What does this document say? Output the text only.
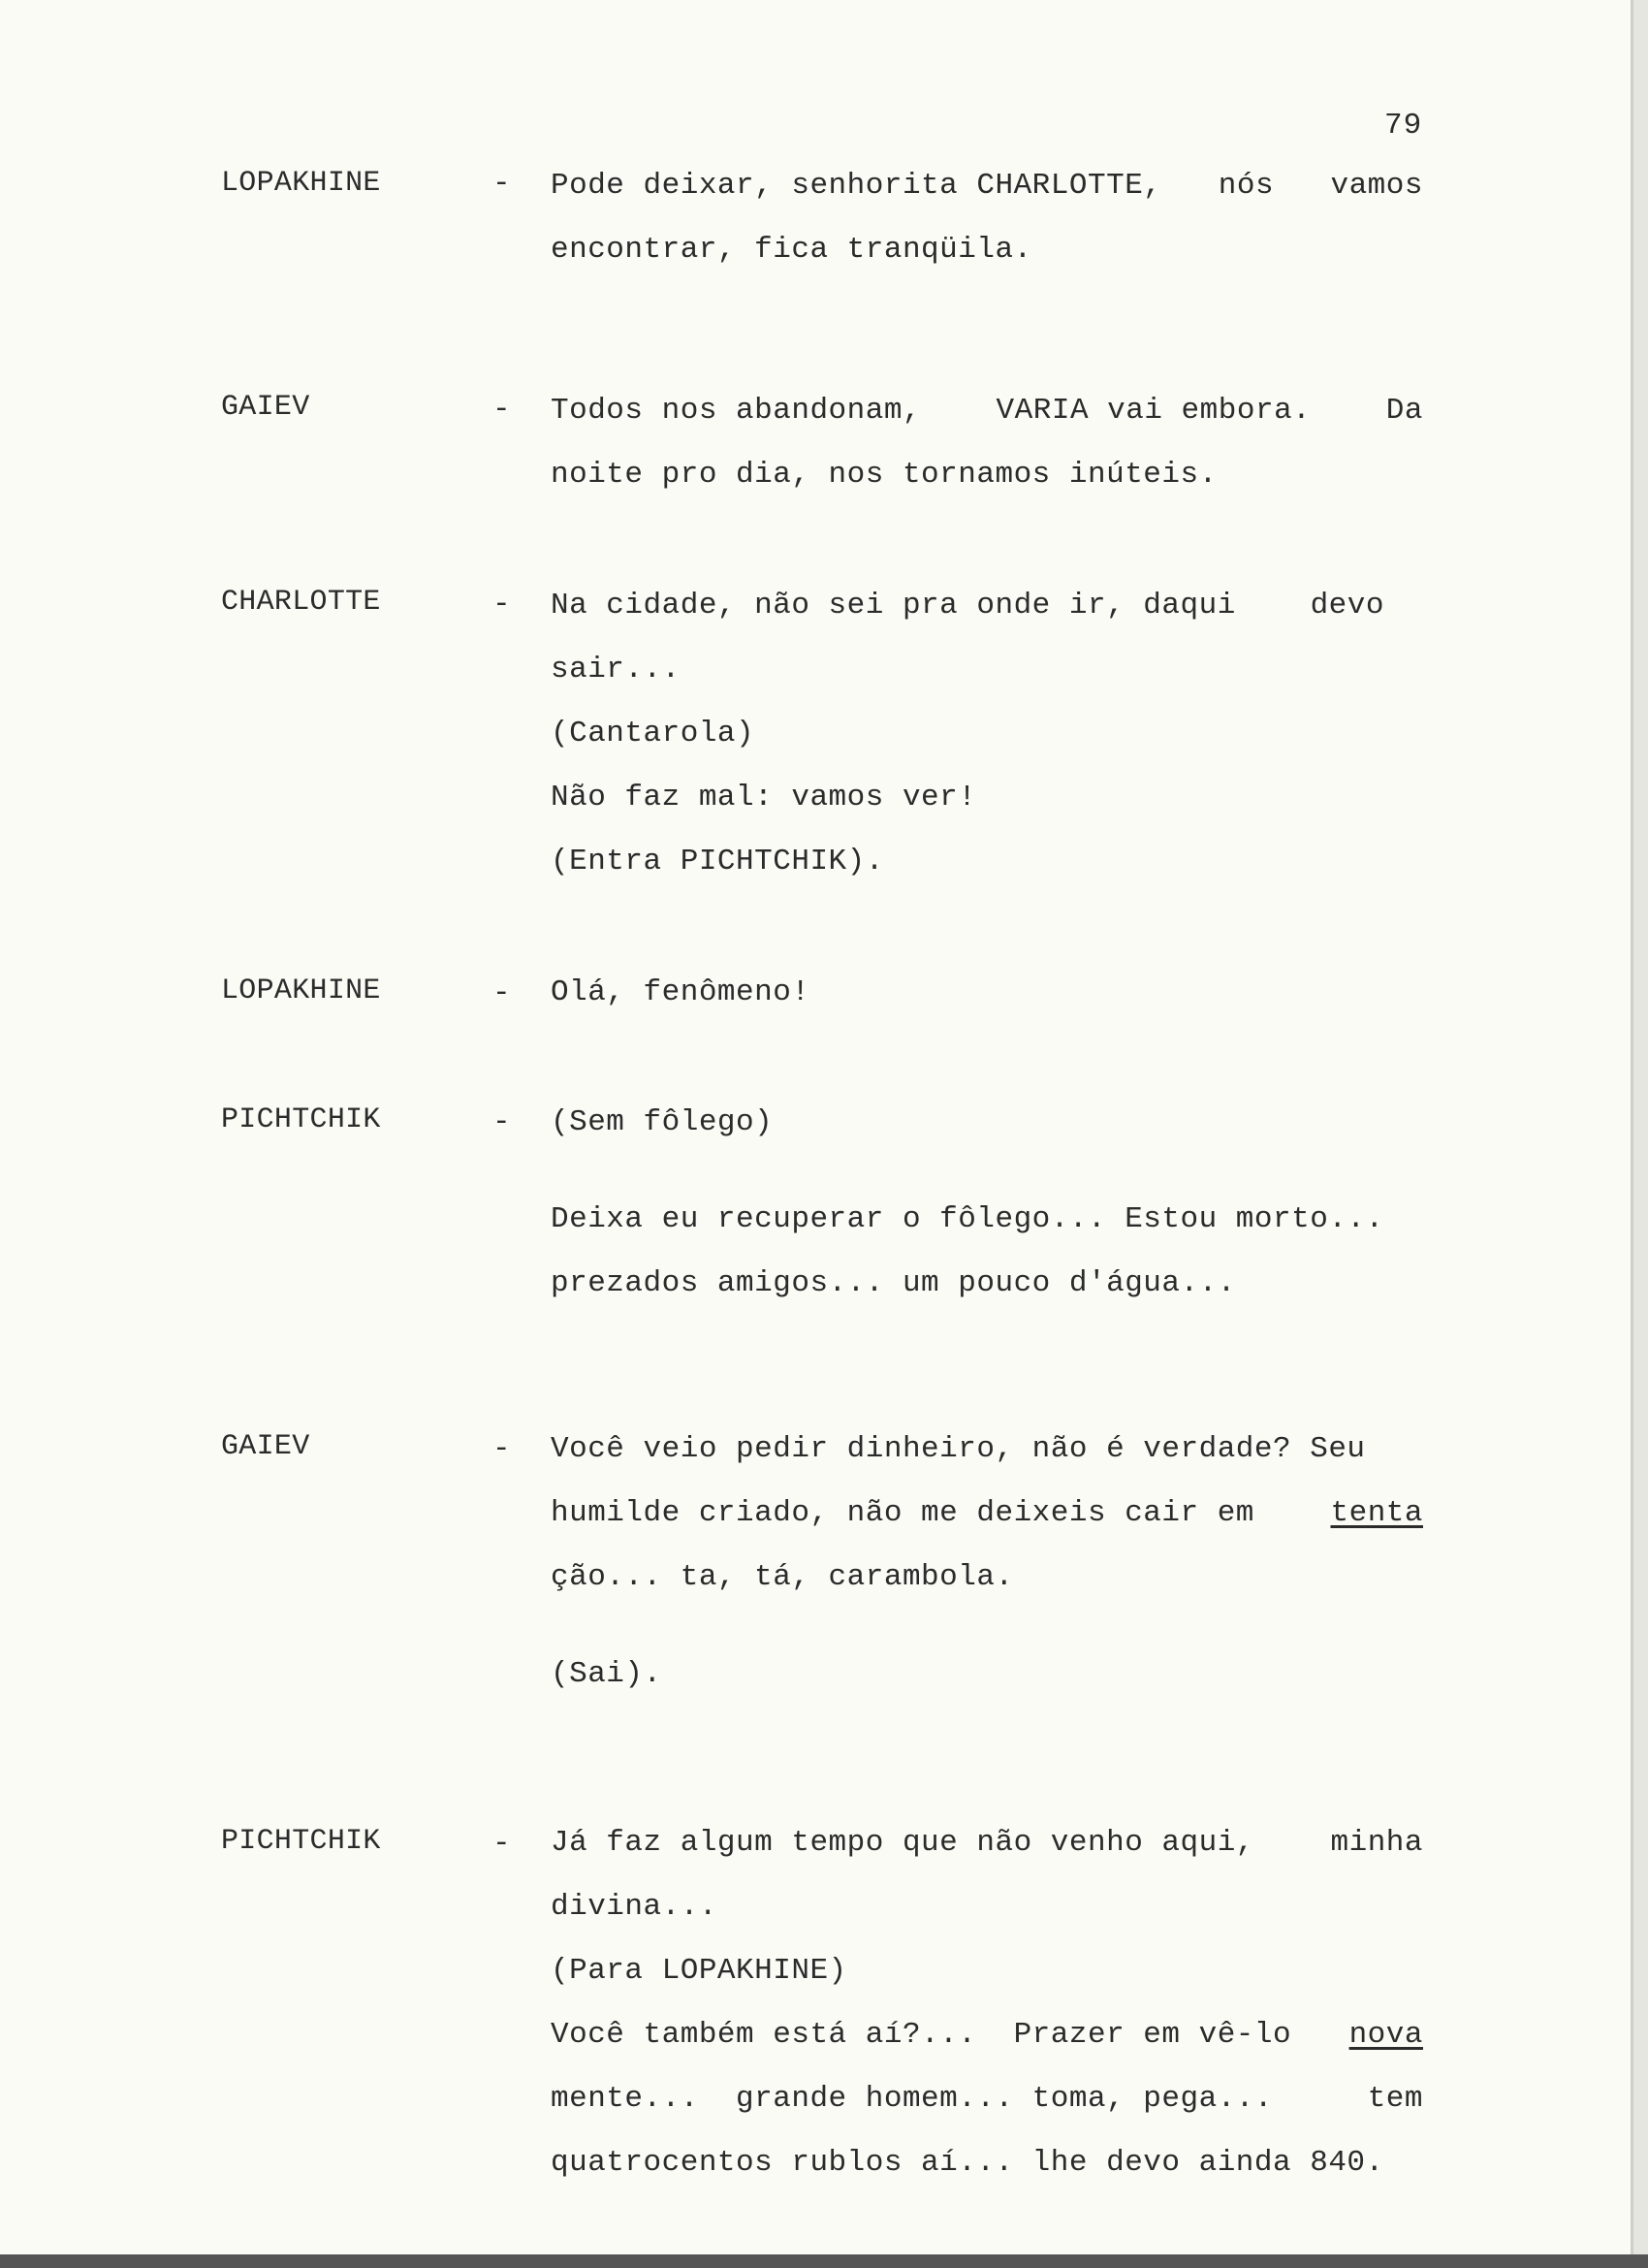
79
LOPAKHINE	- Pode deixar, senhorita CHARLOTTE, nós vamos
encontrar, fica tranqüila.
GAIEV	- Todos nos abandonam, VARIA vai embora. Da
noite pro dia, nos tornamos inúteis.
CHARLOTTE	- Na cidade, não sei pra onde ir, daqui devo
sair...
(Cantarola)
Não faz mal: vamos ver!
(Entra PICHTCHIK).
LOPAKHINE	- Olá, fenômeno!
PICHTCHIK	- (Sem fôlego)
Deixa eu recuperar o fôlego... Estou morto...
prezados amigos... um pouco d'água...
GAIEV	- Você veio pedir dinheiro, não é verdade? Seu
humilde criado, não me deixeis cair em	tenta
ção... ta, tá, carambola.
(Sai).
PICHTCHIK	- Já faz algum tempo que não venho aqui,	minha
divina...
(Para LOPAKHINE)
Você também está aí?...  Prazer em vê-lo nova
mente...  grande homem... toma, pega...	tem
quatrocentos rublos aí... lhe devo ainda 840.
